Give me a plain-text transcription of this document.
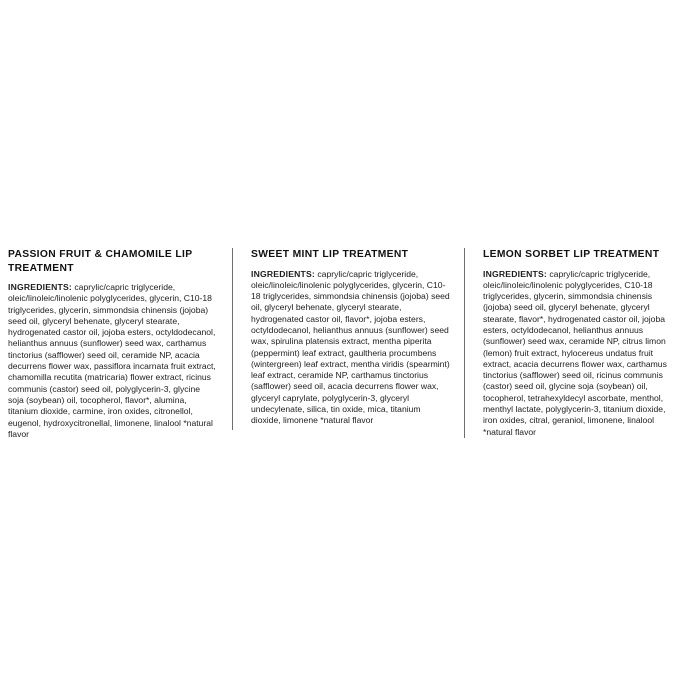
PASSION FRUIT & CHAMOMILE LIP TREATMENT
INGREDIENTS: caprylic/capric triglyceride, oleic/linoleic/linolenic polyglycerides, glycerin, C10-18 triglycerides, glycerin, simmondsia chinensis (jojoba) seed oil, glyceryl behenate, glyceryl stearate, hydrogenated castor oil, jojoba esters, octyldodecanol, helianthus annuus (sunflower) seed wax, carthamus tinctorius (safflower) seed oil, ceramide NP, acacia decurrens flower wax, passiflora incarnata fruit extract, chamomilla recutita (matricaria) flower extract, ricinus communis (castor) seed oil, polyglycerin-3, glycine soja (soybean) oil, tocopherol, flavor*, alumina, titanium dioxide, carmine, iron oxides, citronellol, eugenol, hydroxycitronellal, limonene, linalool *natural flavor
SWEET MINT LIP TREATMENT
INGREDIENTS: caprylic/capric triglyceride, oleic/linoleic/linolenic polyglycerides, glycerin, C10-18 triglycerides, simmondsia chinensis (jojoba) seed oil, glyceryl behenate, glyceryl stearate, hydrogenated castor oil, flavor*, jojoba esters, octyldodecanol, helianthus annuus (sunflower) seed wax, spirulina platensis extract, mentha piperita (peppermint) leaf extract, gaultheria procumbens (wintergreen) leaf extract, mentha viridis (spearmint) leaf extract, ceramide NP, carthamus tinctorius (safflower) seed oil, acacia decurrens flower wax, glyceryl caprylate, polyglycerin-3, glyceryl undecylenate, silica, tin oxide, mica, titanium dioxide, limonene *natural flavor
LEMON SORBET LIP TREATMENT
INGREDIENTS: caprylic/capric triglyceride, oleic/linoleic/linolenic polyglycerides, C10-18 triglycerides, glycerin, simmondsia chinensis (jojoba) seed oil, glyceryl behenate, glyceryl stearate, flavor*, hydrogenated castor oil, jojoba esters, octyldodecanol, helianthus annuus (sunflower) seed wax, ceramide NP, citrus limon (lemon) fruit extract, hylocereus undatus fruit extract, acacia decurrens flower wax, carthamus tinctorius (safflower) seed oil, ricinus communis (castor) seed oil, glycine soja (soybean) oil, tocopherol, tetrahexyldecyl ascorbate, menthol, menthyl lactate, polyglycerin-3, titanium dioxide, iron oxides, citral, geraniol, limonene, linalool *natural flavor
